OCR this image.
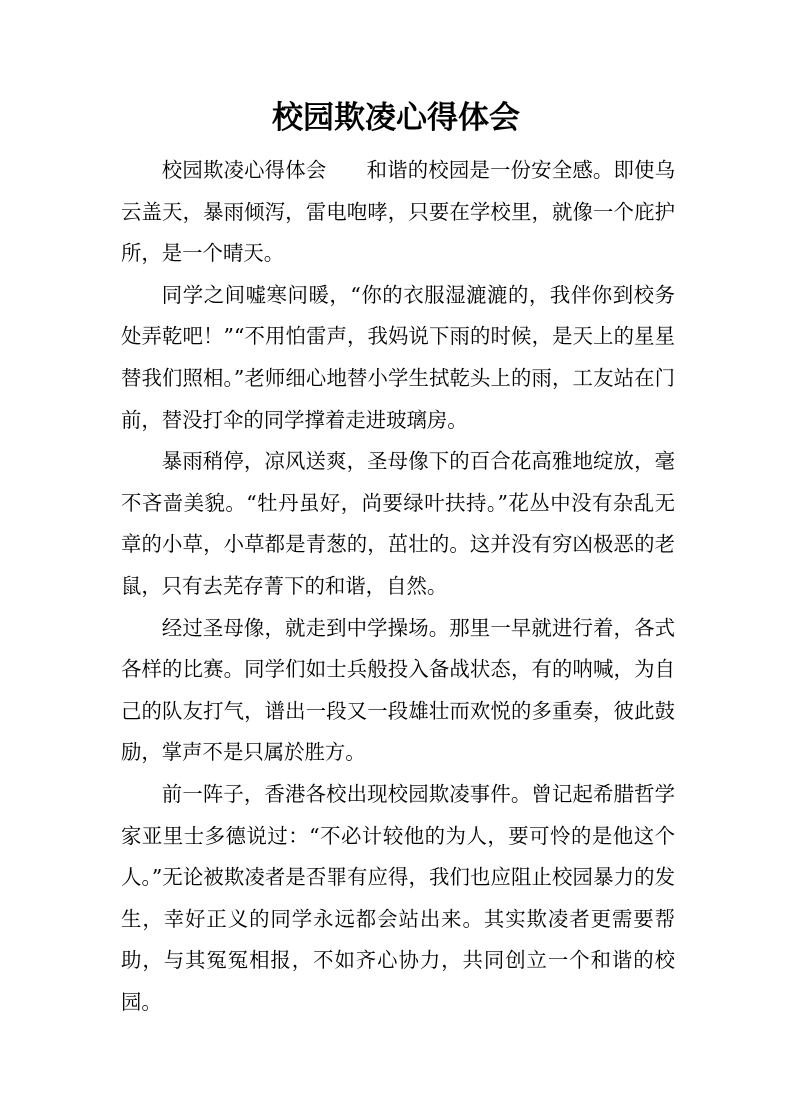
校园欺凌心得体会

校园欺凌心得体会 和谐的校园是一份安全感。即使乌云盖天，暴雨倾泻，雷电咆哮，只要在学校里，就像一个庇护所，是一个晴天。

同学之间嘘寒问暖，“你的衣服湿漉漉的，我伴你到校务处弄乾吧！”“不用怕雷声，我妈说下雨的时候，是天上的星星替我们照相。”老师细心地替小学生拭乾头上的雨，工友站在门前，替没打伞的同学撑着走进玻璃房。

暴雨稍停，凉风送爽，圣母像下的百合花高雅地绽放，毫不吝啬美貌。“牡丹虽好，尚要绿叶扶持。”花丛中没有杂乱无章的小草，小草都是青葱的，茁壮的。这并没有穷凶极恶的老鼠，只有去芜存菁下的和谐，自然。

经过圣母像，就走到中学操场。那里一早就进行着，各式各样的比赛。同学们如士兵般投入备战状态，有的呐喊，为自己的队友打气，谱出一段又一段雄壮而欢悦的多重奏，彼此鼓励，掌声不是只属於胜方。

前一阵子，香港各校出现校园欺凌事件。曾记起希腊哲学家亚里士多德说过：“不必计较他的为人，要可怜的是他这个人。”无论被欺凌者是否罪有应得，我们也应阻止校园暴力的发生，幸好正义的同学永远都会站出来。其实欺凌者更需要帮助，与其冤冤相报，不如齐心协力，共同创立一个和谐的校园。
